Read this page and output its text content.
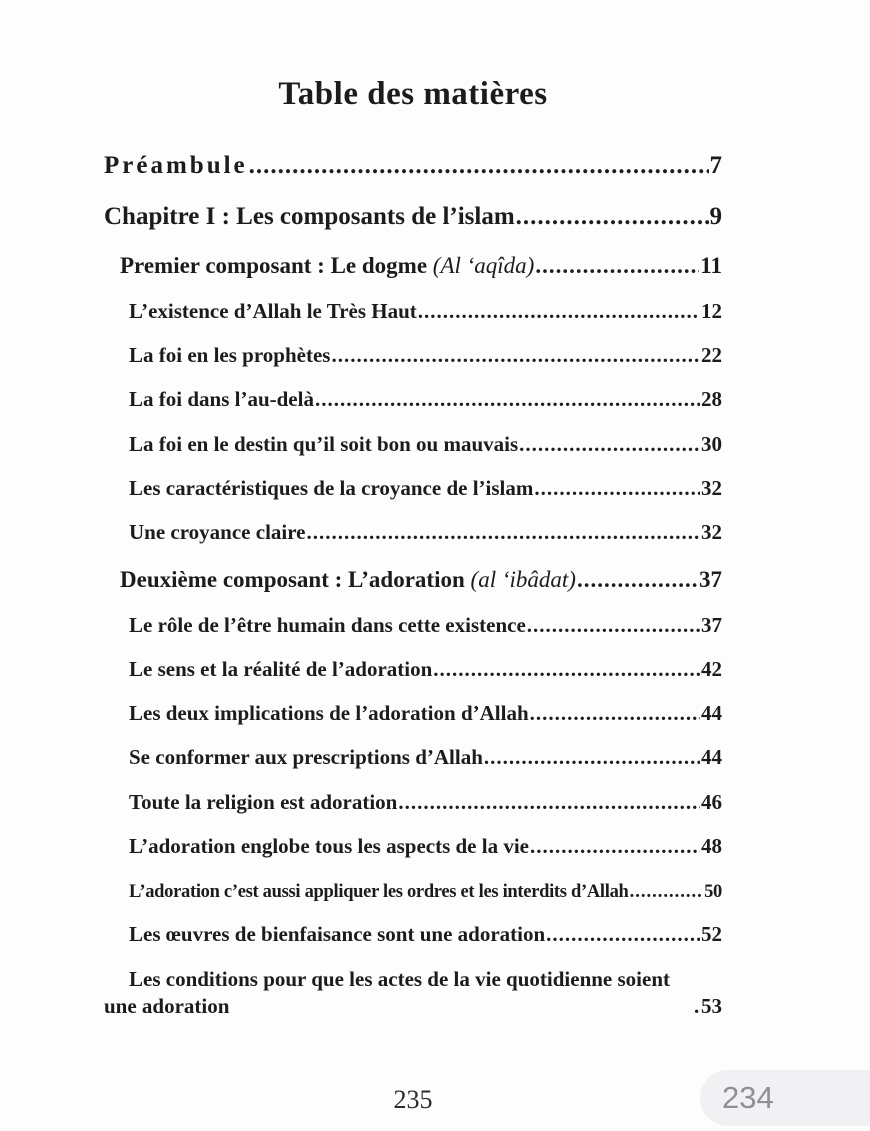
Table des matières
Préambule .....	7
Chapitre I : Les composants de l’islam .....	9
Premier composant : Le dogme (Al ‘aqîda) .....	11
L’existence d’Allah le Très Haut .....	12
La foi en les prophètes .....	22
La foi dans l’au-delà .....	28
La foi en le destin qu’il soit bon ou mauvais .....	30
Les caractéristiques de la croyance de l’islam .....	32
Une croyance claire .....	32
Deuxième composant : L’adoration (al ‘ibâdat) .....	37
Le rôle de l’être humain dans cette existence .....	37
Le sens et la réalité de l’adoration .....	42
Les deux implications de l’adoration d’Allah .....	44
Se conformer aux prescriptions d’Allah .....	44
Toute la religion est adoration .....	46
L’adoration englobe tous les aspects de la vie .....	48
L’adoration c’est aussi appliquer les ordres et les interdits d’Allah .....	50
Les œuvres de bienfaisance sont une adoration .....	52
Les conditions pour que les actes de la vie quotidienne soient une adoration .....	53
235	234
